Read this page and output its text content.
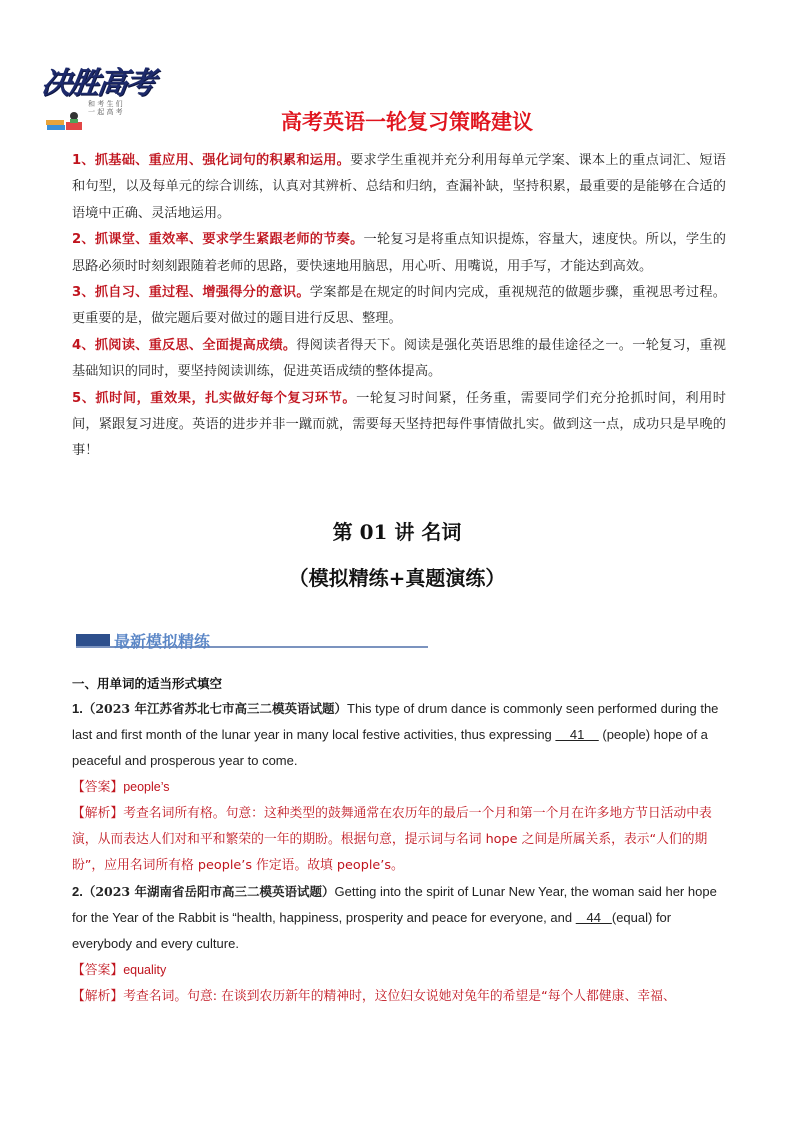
决胜高考
和 考 生 们
一 起 高 考	高考英语一轮复习策略建议

1、抓基础、重应用、强化词句的积累和运用。要求学生重视并充分利用每单元学案、课本上的重点词汇、短语和句型，以及每单元的综合训练，认真对其辨析、总结和归纳，查漏补缺，坚持积累，最重要的是能够在合适的语境中正确、灵活地运用。

2、抓课堂、重效率、要求学生紧跟老师的节奏。一轮复习是将重点知识提炼，容量大，速度快。所以，学生的思路必须时时刻刻跟随着老师的思路，要快速地用脑思，用心听、用嘴说，用手写，才能达到高效。

3、抓自习、重过程、增强得分的意识。学案都是在规定的时间内完成，重视规范的做题步骤，重视思考过程。更重要的是，做完题后要对做过的题目进行反思、整理。

4、抓阅读、重反思、全面提高成绩。得阅读者得天下。阅读是强化英语思维的最佳途径之一。一轮复习，重视基础知识的同时，要坚持阅读训练，促进英语成绩的整体提高。

5、抓时间，重效果，扎实做好每个复习环节。一轮复习时间紧，任务重，需要同学们充分抢抓时间，利用时间，紧跟复习进度。英语的进步并非一蹴而就，需要每天坚持把每件事情做扎实。做到这一点，成功只是早晚的事！

第 01 讲 名词
（模拟精练+真题演练）
最新模拟精练

一、用单词的适当形式填空

1.（2023 年江苏省苏北七市高三二模英语试题）This type of drum dance is commonly seen performed during the last and first month of the lunar year in many local festive activities, thus expressing     41     (people) hope of a peaceful and prosperous year to come.

【答案】people’s

【解析】考查名词所有格。句意：这种类型的鼓舞通常在农历年的最后一个月和第一个月在许多地方节日活动中表演，从而表达人们对和平和繁荣的一年的期盼。根据句意，提示词与名词 hope 之间是所属关系，表示“人们的期盼”，应用名词所有格 people’s 作定语。故填 people’s。

2.（2023 年湖南省岳阳市高三二模英语试题）Getting into the spirit of Lunar New Year, the woman said her hope for the Year of the Rabbit is “health, happiness, prosperity and peace for everyone, and    44   (equal) for everybody and every culture.

【答案】equality

【解析】考查名词。句意: 在谈到农历新年的精神时，这位妇女说她对兔年的希望是“每个人都健康、幸福、
